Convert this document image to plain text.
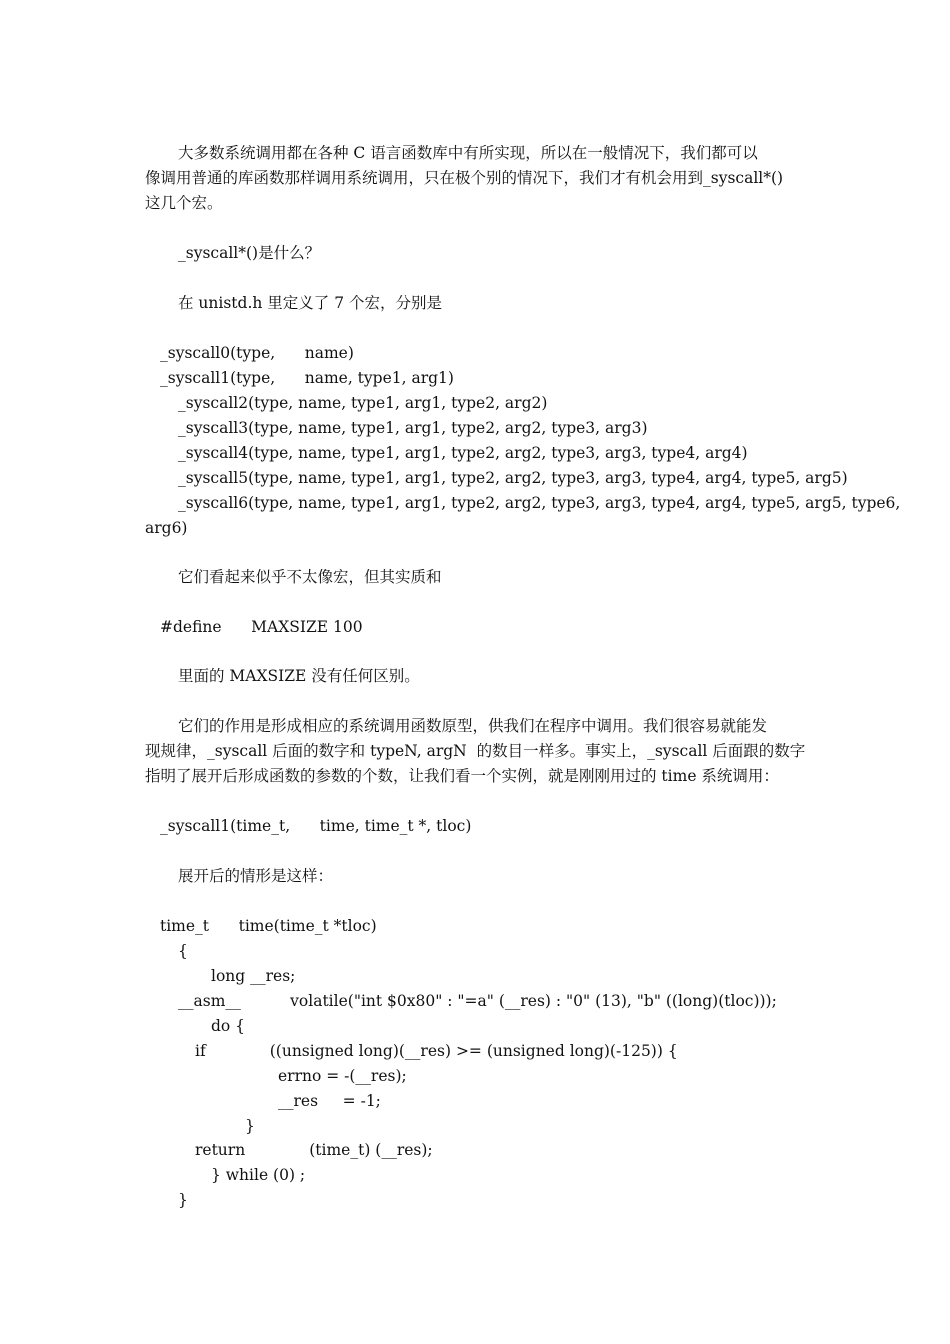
大多数系统调用都在各种 C 语言函数库中有所实现，所以在一般情况下，我们都可以
像调用普通的库函数那样调用系统调用，只在极个别的情况下，我们才有机会用到_syscall*()
这几个宏。
_syscall*()是什么？
在 unistd.h 里定义了 7 个宏，分别是
_syscall0(type,      name)
_syscall1(type,      name, type1, arg1)
_syscall2(type, name, type1, arg1, type2, arg2)
_syscall3(type, name, type1, arg1, type2, arg2, type3, arg3)
_syscall4(type, name, type1, arg1, type2, arg2, type3, arg3, type4, arg4)
_syscall5(type, name, type1, arg1, type2, arg2, type3, arg3, type4, arg4, type5, arg5)
_syscall6(type, name, type1, arg1, type2, arg2, type3, arg3, type4, arg4, type5, arg5, type6,
arg6)
它们看起来似乎不太像宏，但其实质和
#define      MAXSIZE 100
里面的 MAXSIZE 没有任何区别。
它们的作用是形成相应的系统调用函数原型，供我们在程序中调用。我们很容易就能发
现规律，_syscall 后面的数字和 typeN, argN  的数目一样多。事实上，_syscall 后面跟的数字
指明了展开后形成函数的参数的个数，让我们看一个实例，就是刚刚用过的 time 系统调用：
_syscall1(time_t,      time, time_t *, tloc)
展开后的情形是这样：
time_t      time(time_t *tloc)
{
long __res;
__asm__          volatile("int $0x80" : "=a" (__res) : "0" (13), "b" ((long)(tloc)));
do {
if             ((unsigned long)(__res) >= (unsigned long)(-125)) {
errno = -(__res);
__res     = -1;
}
return             (time_t) (__res);
} while (0) ;
}
